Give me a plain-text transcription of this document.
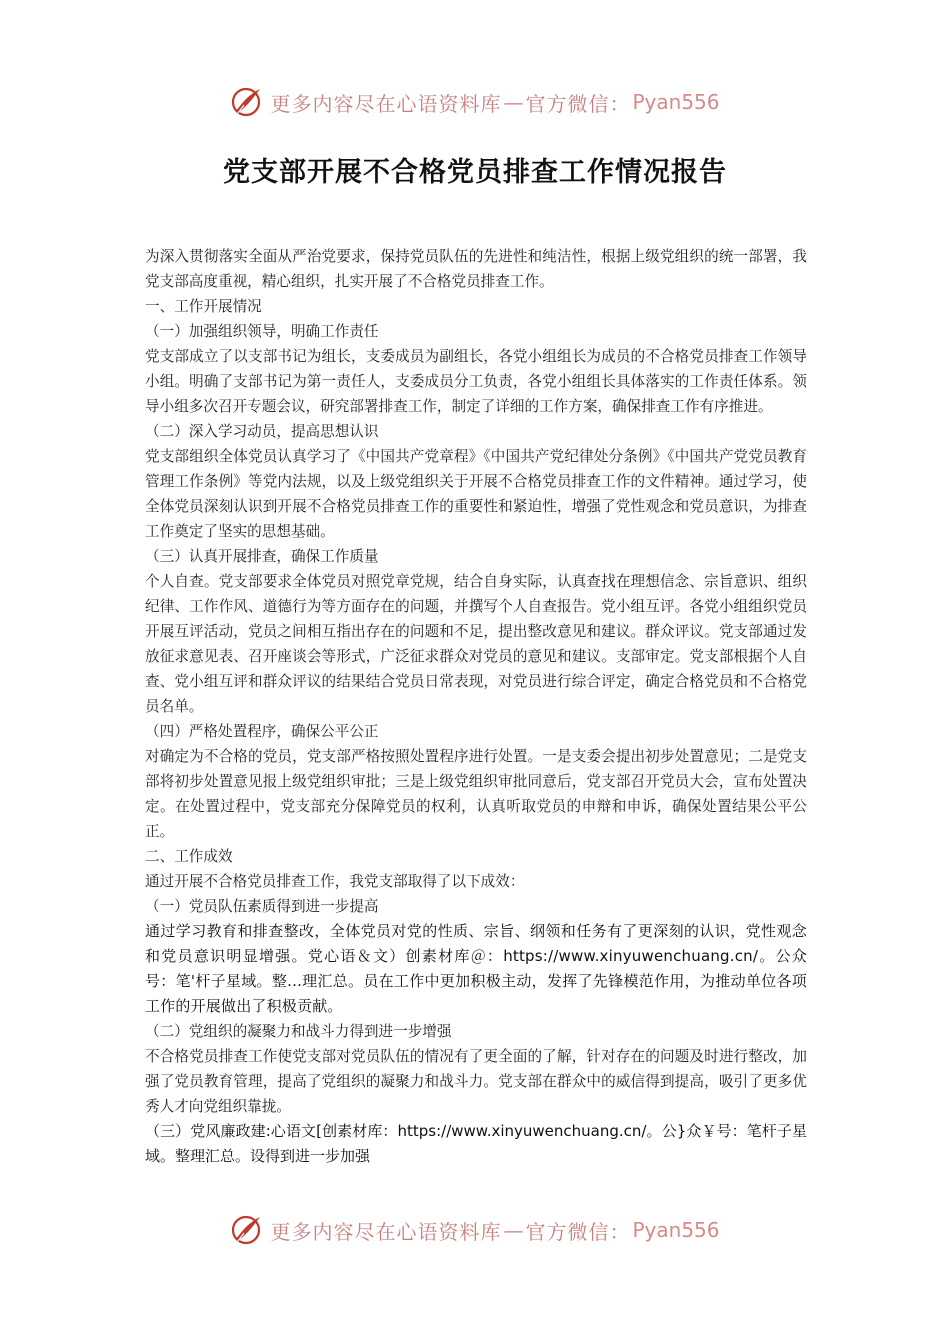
更多内容尽在心语资料库 — 官方微信： Pyan556
党支部开展不合格党员排查工作情况报告

为深入贯彻落实全面从严治党要求，保持党员队伍的先进性和纯洁性，根据上级党组织的统一部署，我党支部高度重视，精心组织，扎实开展了不合格党员排查工作。

一、工作开展情况

（一）加强组织领导，明确工作责任

党支部成立了以支部书记为组长，支委成员为副组长，各党小组组长为成员的不合格党员排查工作领导小组。明确了支部书记为第一责任人，支委成员分工负责，各党小组组长具体落实的工作责任体系。领导小组多次召开专题会议，研究部署排查工作，制定了详细的工作方案，确保排查工作有序推进。

（二）深入学习动员，提高思想认识

党支部组织全体党员认真学习了《中国共产党章程》《中国共产党纪律处分条例》《中国共产党党员教育管理工作条例》等党内法规，以及上级党组织关于开展不合格党员排查工作的文件精神。通过学习，使全体党员深刻认识到开展不合格党员排查工作的重要性和紧迫性，增强了党性观念和党员意识，为排查工作奠定了坚实的思想基础。

（三）认真开展排查，确保工作质量

个人自查。党支部要求全体党员对照党章党规，结合自身实际，认真查找在理想信念、宗旨意识、组织纪律、工作作风、道德行为等方面存在的问题，并撰写个人自查报告。党小组互评。各党小组组织党员开展互评活动，党员之间相互指出存在的问题和不足，提出整改意见和建议。群众评议。党支部通过发放征求意见表、召开座谈会等形式，广泛征求群众对党员的意见和建议。支部审定。党支部根据个人自查、党小组互评和群众评议的结果结合党员日常表现，对党员进行综合评定，确定合格党员和不合格党员名单。

（四）严格处置程序，确保公平公正

对确定为不合格的党员，党支部严格按照处置程序进行处置。一是支委会提出初步处置意见；二是党支部将初步处置意见报上级党组织审批；三是上级党组织审批同意后，党支部召开党员大会，宣布处置决定。在处置过程中，党支部充分保障党员的权利，认真听取党员的申辩和申诉，确保处置结果公平公正。

二、工作成效

通过开展不合格党员排查工作，我党支部取得了以下成效：

（一）党员队伍素质得到进一步提高

通过学习教育和排查整改，全体党员对党的性质、宗旨、纲领和任务有了更深刻的认识，党性观念和党员意识明显增强。党心语＆文）创素材库＠：https://www.xinyuwenchuang.cn/。公众号：笔'杆子星域。整...理汇总。员在工作中更加积极主动，发挥了先锋模范作用，为推动单位各项工作的开展做出了积极贡献。

（二）党组织的凝聚力和战斗力得到进一步增强

不合格党员排查工作使党支部对党员队伍的情况有了更全面的了解，针对存在的问题及时进行整改，加强了党员教育管理，提高了党组织的凝聚力和战斗力。党支部在群众中的威信得到提高，吸引了更多优秀人才向党组织靠拢。

（三）党风廉政建:心语文[创素材库：https://www.xinyuwenchuang.cn/。公}众￥号：笔杆子星域。整理汇总。设得到进一步加强

更多内容尽在心语资料库 — 官方微信： Pyan556
